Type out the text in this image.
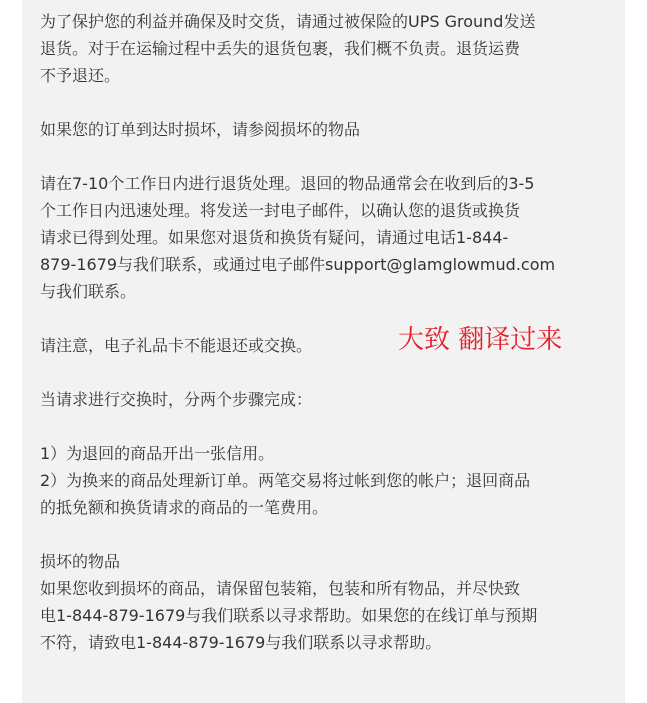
为了保护您的利益并确保及时交货，请通过被保险的UPS Ground发送
退货。对于在运输过程中丢失的退货包裹，我们概不负责。退货运费
不予退还。

如果您的订单到达时损坏，请参阅损坏的物品

请在7-10个工作日内进行退货处理。退回的物品通常会在收到后的3-5
个工作日内迅速处理。将发送一封电子邮件，以确认您的退货或换货
请求已得到处理。如果您对退货和换货有疑问，请通过电话1-844-
879-1679与我们联系，或通过电子邮件support@glamglowmud.com
与我们联系。

请注意，电子礼品卡不能退还或交换。	大致 翻译过来

当请求进行交换时，分两个步骤完成：

1）为退回的商品开出一张信用。
2）为换来的商品处理新订单。两笔交易将过帐到您的帐户；退回商品
的抵免额和换货请求的商品的一笔费用。

损坏的物品
如果您收到损坏的商品，请保留包装箱，包装和所有物品，并尽快致
电1-844-879-1679与我们联系以寻求帮助。如果您的在线订单与预期
不符，请致电1-844-879-1679与我们联系以寻求帮助。
